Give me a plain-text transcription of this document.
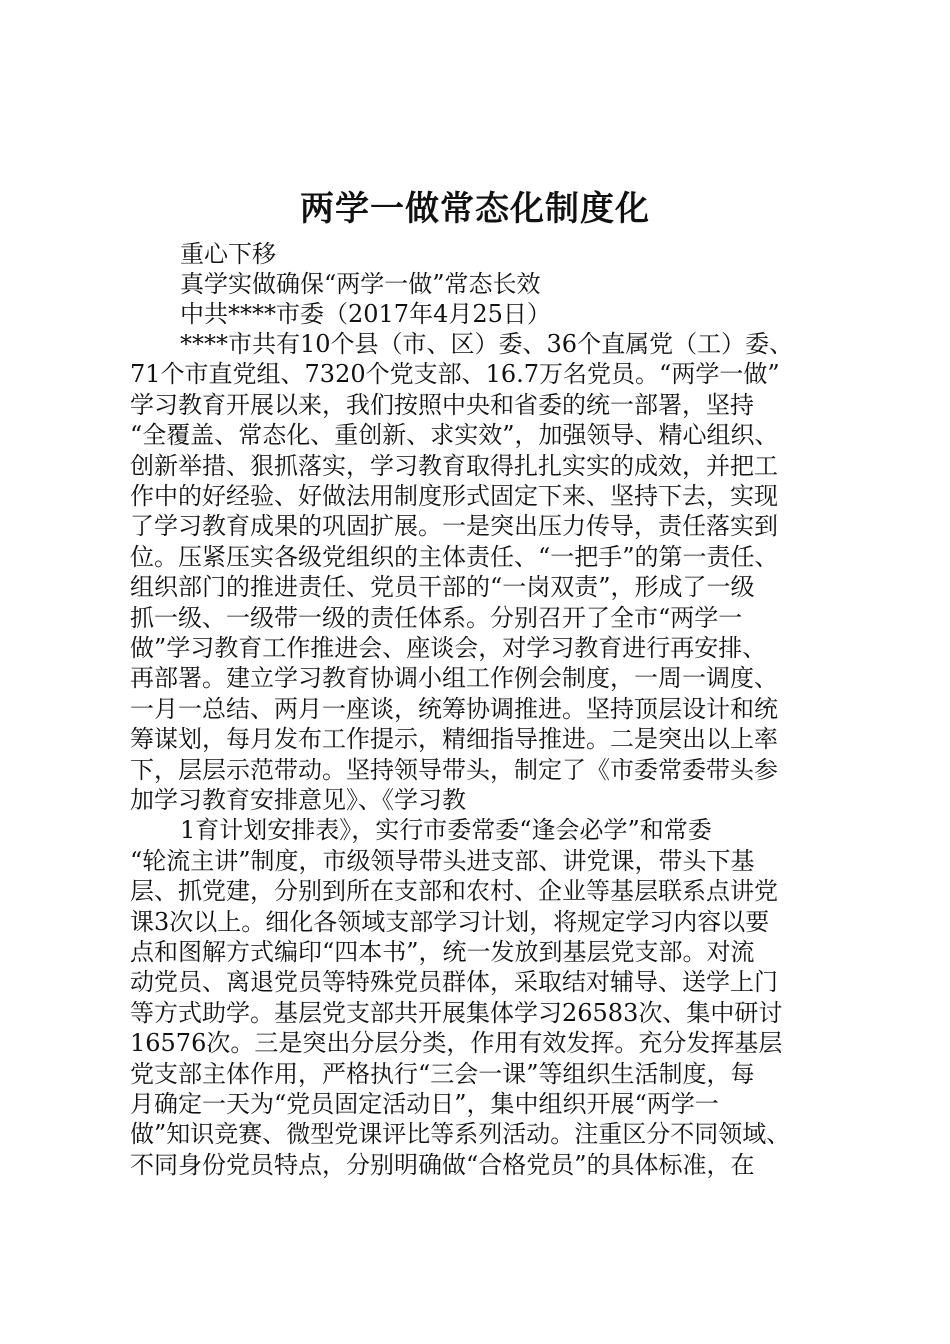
两学一做常态化制度化

重心下移

真学实做确保“两学一做”常态长效

中共****市委（2017年4月25日）

****市共有10个县（市、区）委、36个直属党（工）委、

71个市直党组、7320个党支部、16.7万名党员。“两学一做”

学习教育开展以来，我们按照中央和省委的统一部署，坚持

“全覆盖、常态化、重创新、求实效”，加强领导、精心组织、

创新举措、狠抓落实，学习教育取得扎扎实实的成效，并把工

作中的好经验、好做法用制度形式固定下来、坚持下去，实现

了学习教育成果的巩固扩展。一是突出压力传导，责任落实到

位。压紧压实各级党组织的主体责任、“一把手”的第一责任、

组织部门的推进责任、党员干部的“一岗双责”，形成了一级

抓一级、一级带一级的责任体系。分别召开了全市“两学一

做”学习教育工作推进会、座谈会，对学习教育进行再安排、

再部署。建立学习教育协调小组工作例会制度，一周一调度、

一月一总结、两月一座谈，统筹协调推进。坚持顶层设计和统

筹谋划，每月发布工作提示，精细指导推进。二是突出以上率

下，层层示范带动。坚持领导带头，制定了《市委常委带头参

加学习教育安排意见》、《学习教

1育计划安排表》，实行市委常委“逢会必学”和常委

“轮流主讲”制度，市级领导带头进支部、讲党课，带头下基

层、抓党建，分别到所在支部和农村、企业等基层联系点讲党

课3次以上。细化各领域支部学习计划，将规定学习内容以要

点和图解方式编印“四本书”，统一发放到基层党支部。对流

动党员、离退党员等特殊党员群体，采取结对辅导、送学上门

等方式助学。基层党支部共开展集体学习26583次、集中研讨

16576次。三是突出分层分类，作用有效发挥。充分发挥基层

党支部主体作用，严格执行“三会一课”等组织生活制度，每

月确定一天为“党员固定活动日”，集中组织开展“两学一

做”知识竞赛、微型党课评比等系列活动。注重区分不同领域、

不同身份党员特点，分别明确做“合格党员”的具体标准，在
